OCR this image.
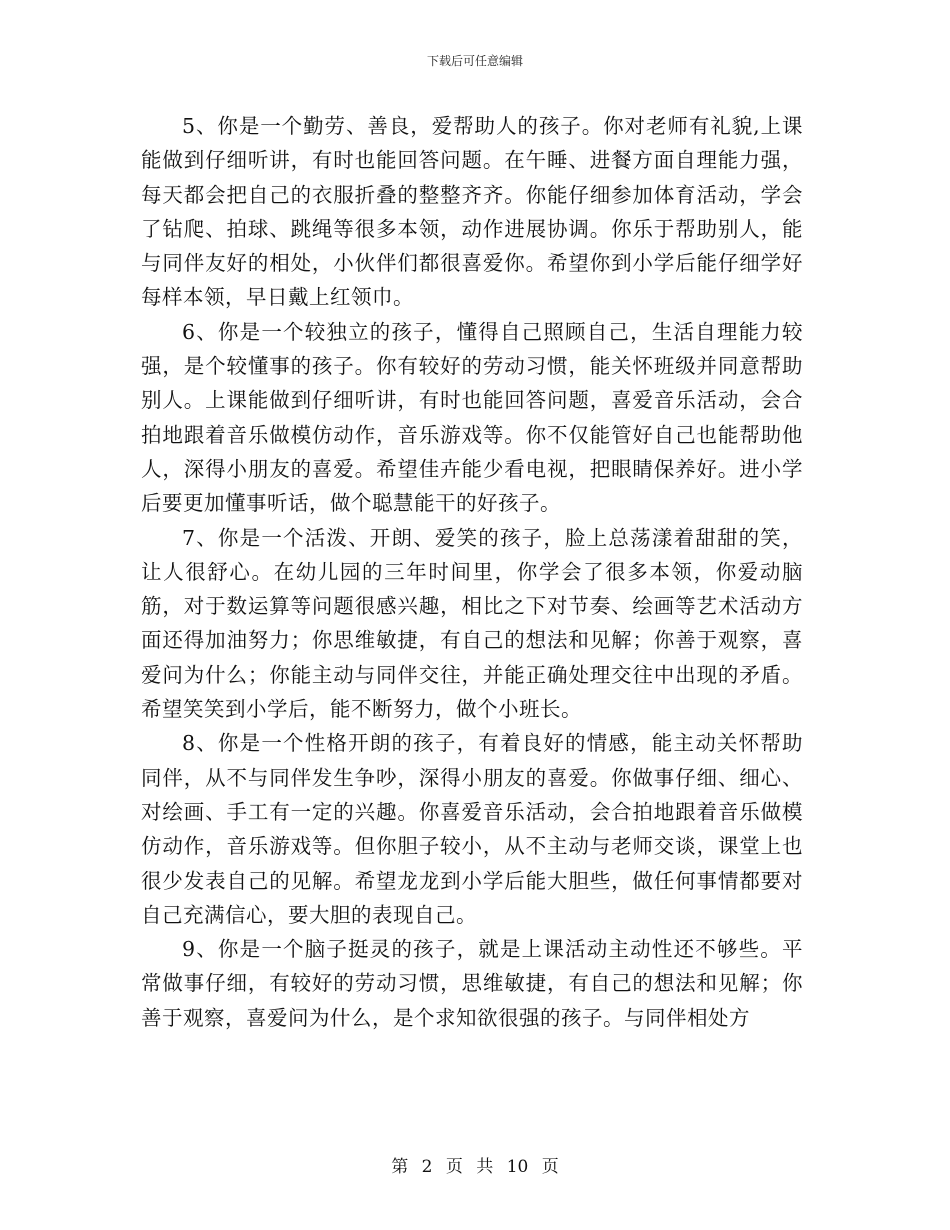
下载后可任意编辑

5、你是一个勤劳、善良，爱帮助人的孩子。你对老师有礼貌,上课能做到仔细听讲，有时也能回答问题。在午睡、进餐方面自理能力强，每天都会把自己的衣服折叠的整整齐齐。你能仔细参加体育活动，学会了钻爬、拍球、跳绳等很多本领，动作进展协调。你乐于帮助别人，能与同伴友好的相处，小伙伴们都很喜爱你。希望你到小学后能仔细学好每样本领，早日戴上红领巾。

6、你是一个较独立的孩子，懂得自己照顾自己，生活自理能力较强，是个较懂事的孩子。你有较好的劳动习惯，能关怀班级并同意帮助别人。上课能做到仔细听讲，有时也能回答问题，喜爱音乐活动，会合拍地跟着音乐做模仿动作，音乐游戏等。你不仅能管好自己也能帮助他人，深得小朋友的喜爱。希望佳卉能少看电视，把眼睛保养好。进小学后要更加懂事听话，做个聪慧能干的好孩子。

7、你是一个活泼、开朗、爱笑的孩子，脸上总荡漾着甜甜的笑，让人很舒心。在幼儿园的三年时间里，你学会了很多本领，你爱动脑筋，对于数运算等问题很感兴趣，相比之下对节奏、绘画等艺术活动方面还得加油努力；你思维敏捷，有自己的想法和见解；你善于观察，喜爱问为什么；你能主动与同伴交往，并能正确处理交往中出现的矛盾。希望笑笑到小学后，能不断努力，做个小班长。

8、你是一个性格开朗的孩子，有着良好的情感，能主动关怀帮助同伴，从不与同伴发生争吵，深得小朋友的喜爱。你做事仔细、细心、对绘画、手工有一定的兴趣。你喜爱音乐活动，会合拍地跟着音乐做模仿动作，音乐游戏等。但你胆子较小，从不主动与老师交谈，课堂上也很少发表自己的见解。希望龙龙到小学后能大胆些，做任何事情都要对自己充满信心，要大胆的表现自己。

9、你是一个脑子挺灵的孩子，就是上课活动主动性还不够些。平常做事仔细，有较好的劳动习惯，思维敏捷，有自己的想法和见解；你善于观察，喜爱问为什么，是个求知欲很强的孩子。与同伴相处方

第 2 页 共 10 页
